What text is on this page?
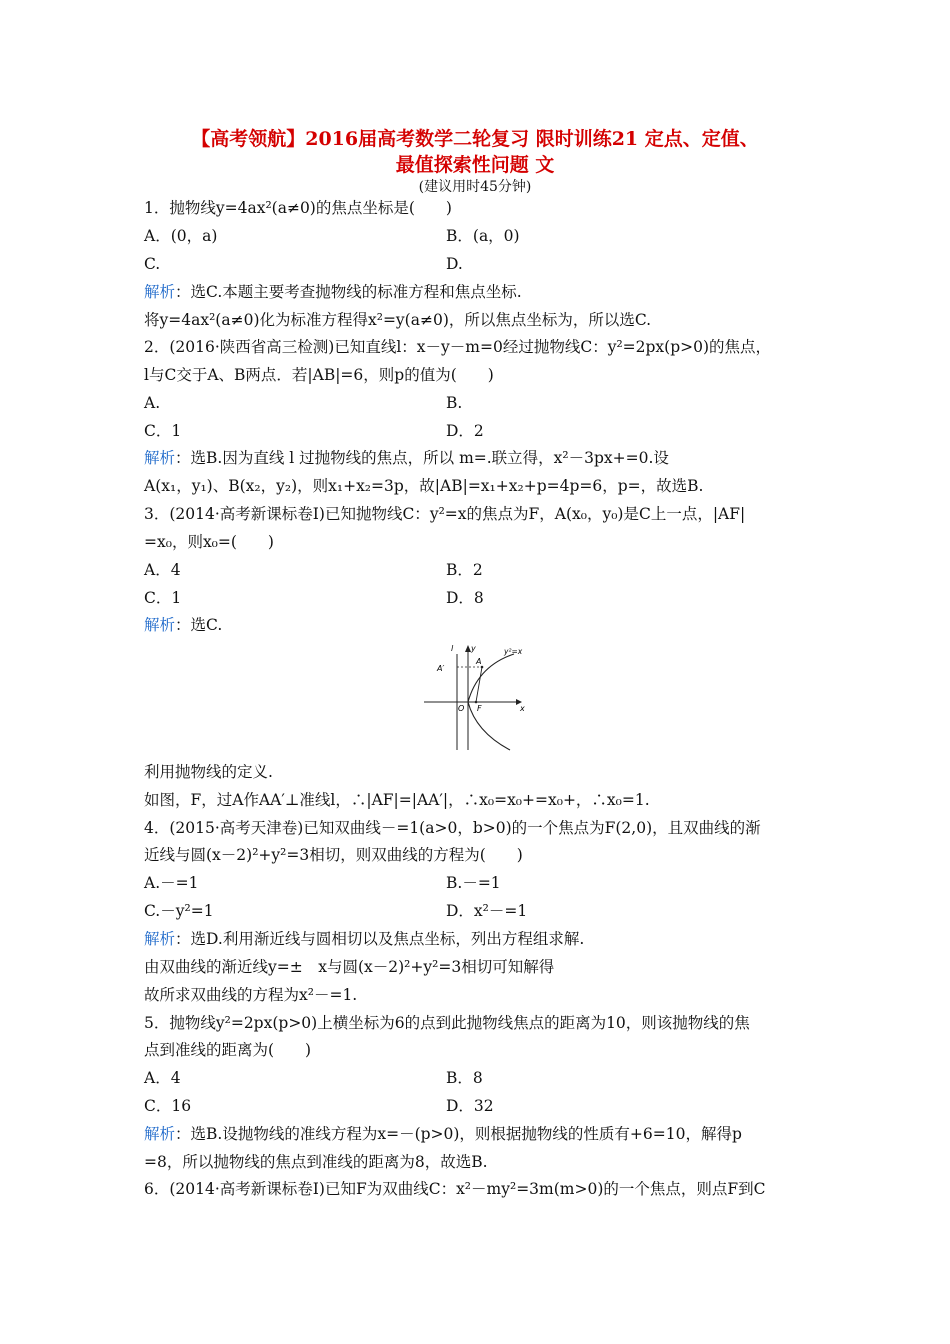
【高考领航】2016届高考数学二轮复习 限时训练21 定点、定值、
最值探索性问题 文
(建议用时45分钟)
1．抛物线y=4ax²(a≠0)的焦点坐标是(　　)
A．(0，a)	B．(a，0)
C.	D.
解析：选C.本题主要考查抛物线的标准方程和焦点坐标.
将y=4ax²(a≠0)化为标准方程得x²=y(a≠0)，所以焦点坐标为，所以选C.
2．(2016·陕西省高三检测)已知直线l：x－y－m=0经过抛物线C：y²=2px(p>0)的焦点，
l与C交于A、B两点．若|AB|=6，则p的值为(　　)
A.	B.
C．1	D．2
解析：选B.因为直线 l 过抛物线的焦点，所以 m=.联立得，x²－3px+=0.设
A(x₁，y₁)、B(x₂，y₂)，则x₁+x₂=3p，故|AB|=x₁+x₂+p=4p=6，p=，故选B.
3．(2014·高考新课标卷Ⅰ)已知抛物线C：y²=x的焦点为F，A(x₀，y₀)是C上一点，|AF|
=x₀，则x₀=(　　)
A．4	B．2
C．1	D．8
解析：选C.
l y
A′
A
y²=x
O F	x
利用抛物线的定义.
如图，F，过A作AA′⊥准线l，∴|AF|=|AA′|，∴x₀=x₀+=x₀+，∴x₀=1.
4．(2015·高考天津卷)已知双曲线－=1(a>0，b>0)的一个焦点为F(2,0)，且双曲线的渐
近线与圆(x－2)²+y²=3相切，则双曲线的方程为(　　)
A.－=1	B.－=1
C.－y²=1	D．x²－=1
解析：选D.利用渐近线与圆相切以及焦点坐标，列出方程组求解.
由双曲线的渐近线y=±　x与圆(x－2)²+y²=3相切可知解得
故所求双曲线的方程为x²－=1.
5．抛物线y²=2px(p>0)上横坐标为6的点到此抛物线焦点的距离为10，则该抛物线的焦
点到准线的距离为(　　)
A．4	B．8
C．16	D．32
解析：选B.设抛物线的准线方程为x=－(p>0)，则根据抛物线的性质有+6=10，解得p
=8，所以抛物线的焦点到准线的距离为8，故选B.
6．(2014·高考新课标卷Ⅰ)已知F为双曲线C：x²－my²=3m(m>0)的一个焦点，则点F到C
